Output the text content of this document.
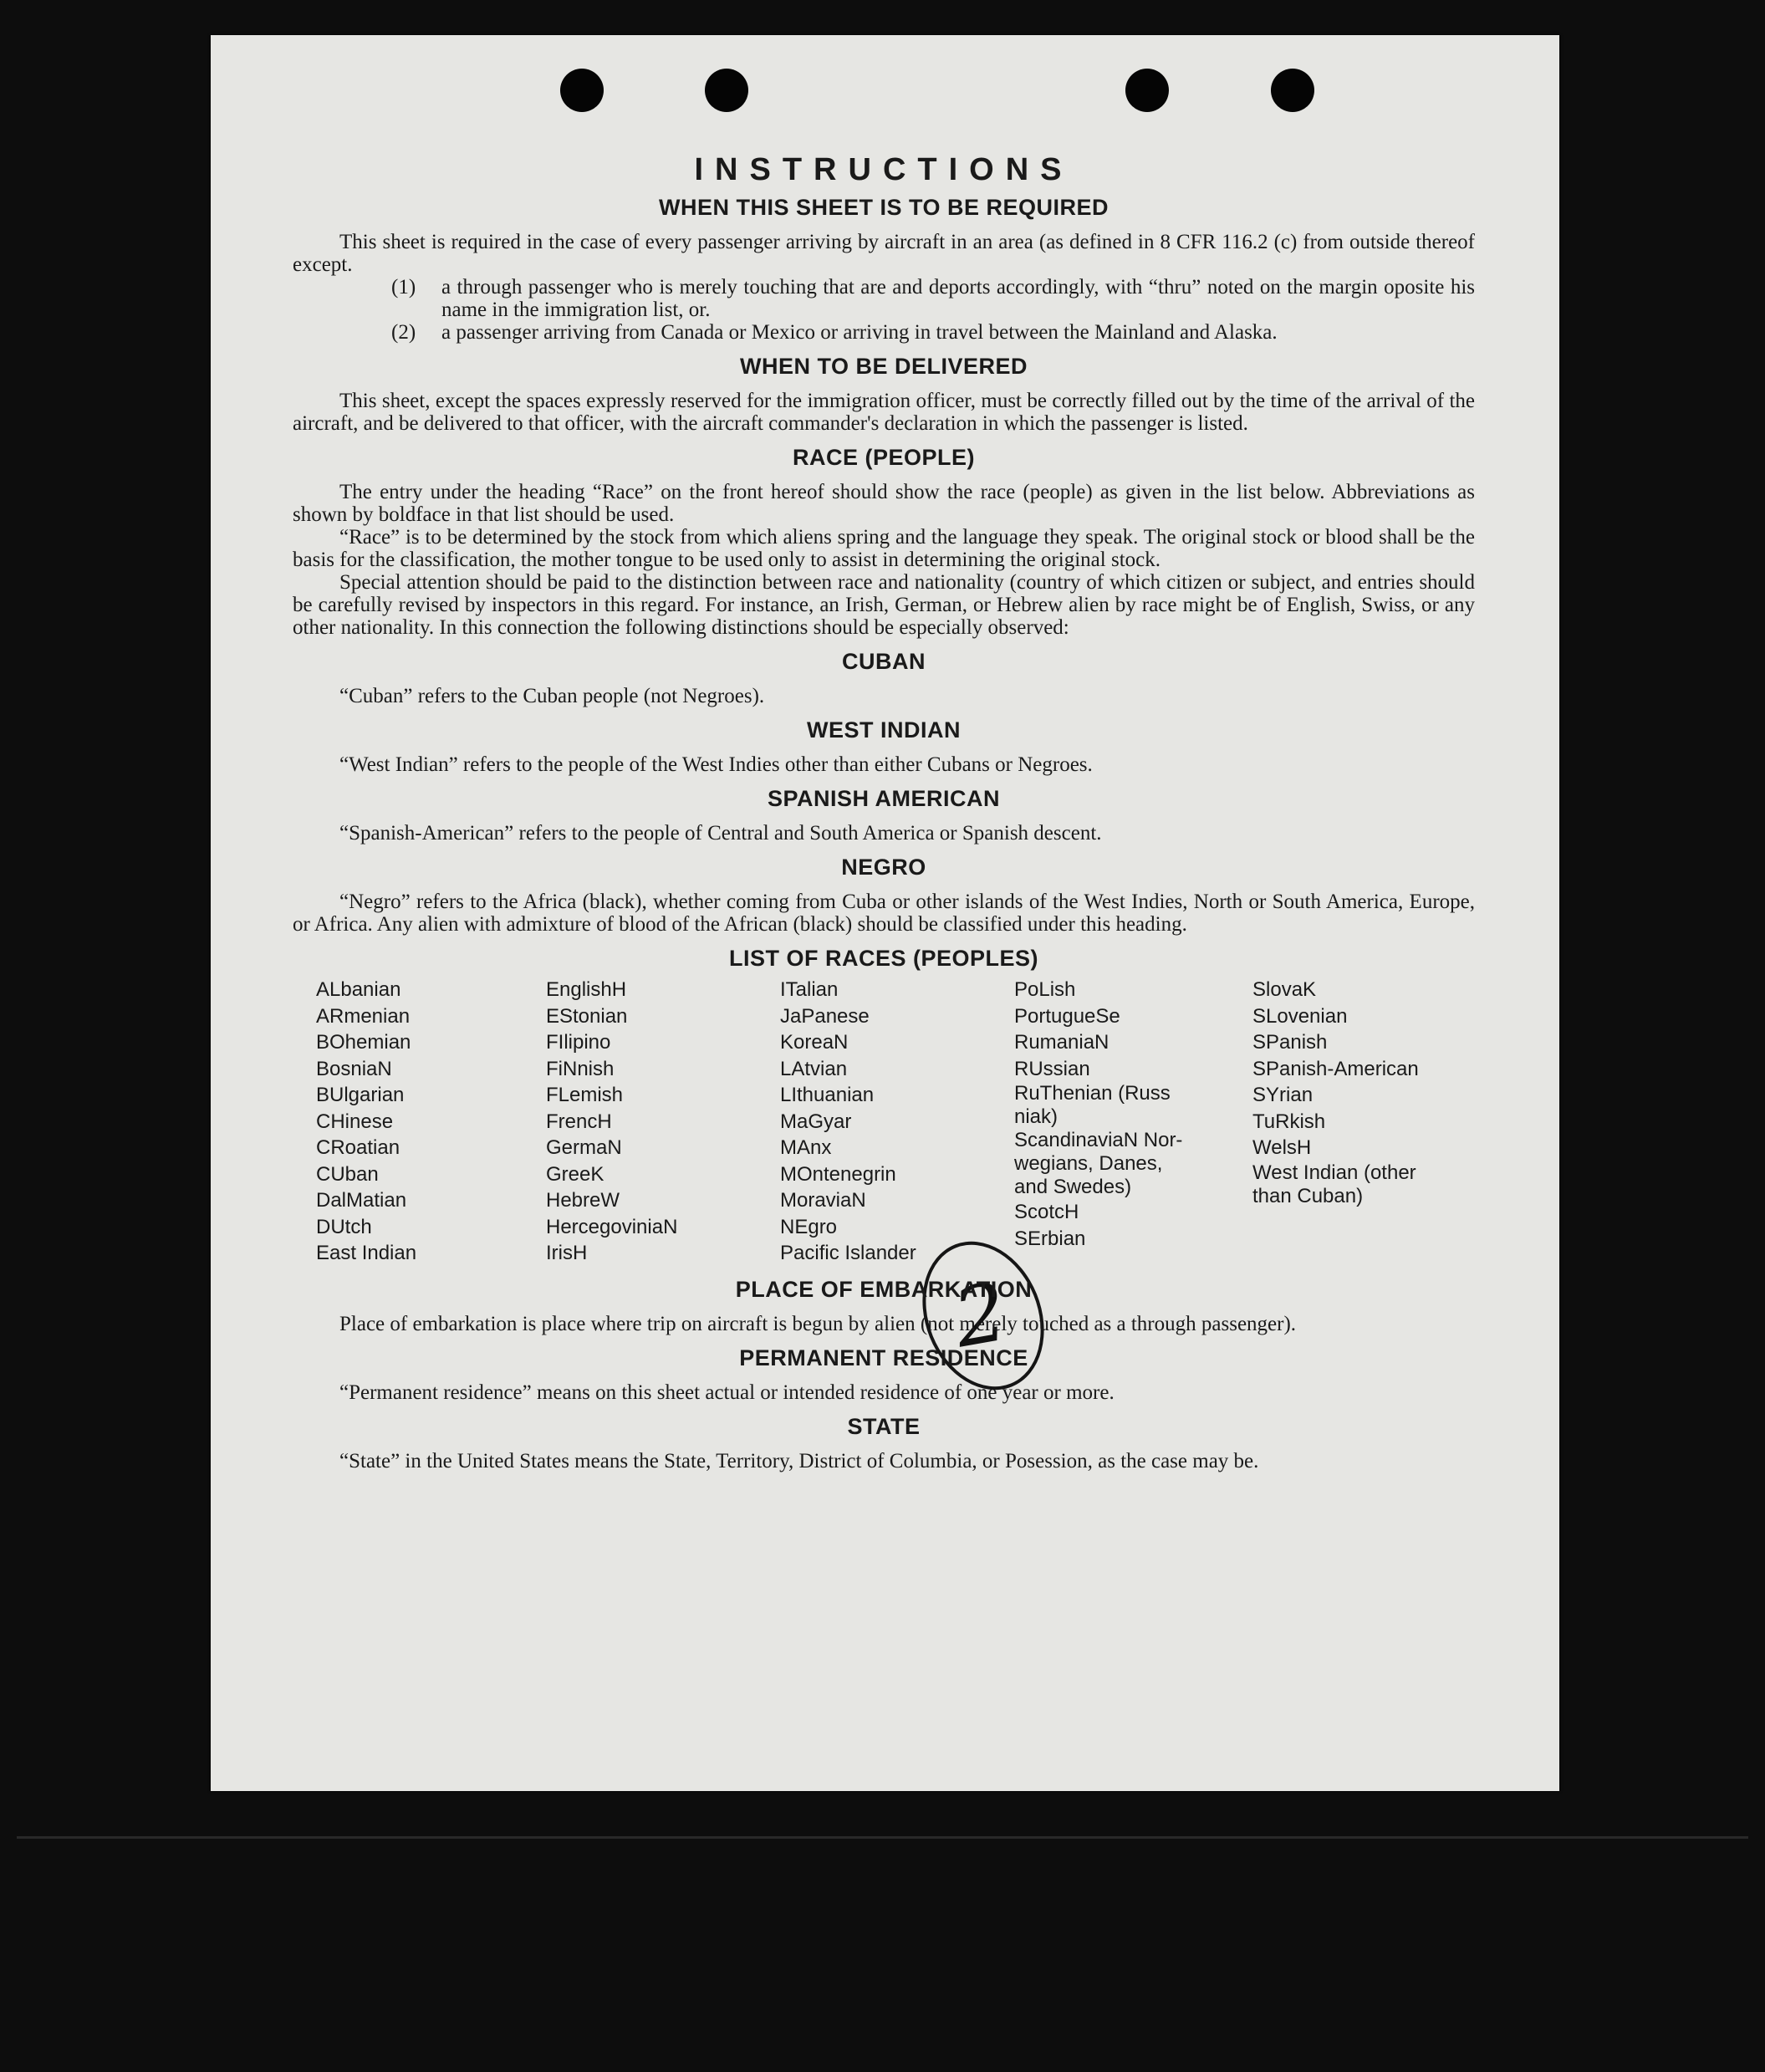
2
INSTRUCTIONS
WHEN THIS SHEET IS TO BE REQUIRED

This sheet is required in the case of every passenger arriving by aircraft in an area (as defined in 8 CFR 116.2 (c) from outside thereof except.

(1)	a through passenger who is merely touching that are and deports accordingly, with “thru” noted on the margin oposite his name in the immigration list, or.
(2)	a passenger arriving from Canada or Mexico or arriving in travel between the Mainland and Alaska.
WHEN TO BE DELIVERED

This sheet, except the spaces expressly reserved for the immigration officer, must be correctly filled out by the time of the arrival of the aircraft, and be delivered to that officer, with the aircraft commander's declaration in which the passenger is listed.

RACE (PEOPLE)

The entry under the heading “Race” on the front hereof should show the race (people) as given in the list below. Abbreviations as shown by boldface in that list should be used.

“Race” is to be determined by the stock from which aliens spring and the language they speak. The original stock or blood shall be the basis for the classification, the mother tongue to be used only to assist in determining the original stock.

Special attention should be paid to the distinction between race and nationality (country of which citizen or subject, and entries should be carefully revised by inspectors in this regard. For instance, an Irish, German, or Hebrew alien by race might be of English, Swiss, or any other nationality. In this connection the following distinctions should be especially observed:

CUBAN

“Cuban” refers to the Cuban people (not Negroes).

WEST INDIAN

“West Indian” refers to the people of the West Indies other than either Cubans or Negroes.

SPANISH AMERICAN

“Spanish-American” refers to the people of Central and South America or Spanish descent.

NEGRO

“Negro” refers to the Africa (black), whether coming from Cuba or other islands of the West Indies, North or South America, Europe, or Africa. Any alien with admixture of blood of the African (black) should be classified under this heading.

LIST OF RACES (PEOPLES)
ALbanian
ARmenian
BOhemian
BosniaN
BUlgarian
CHinese
CRoatian
CUban
DalMatian
DUtch
East Indian
EnglishH
EStonian
FIlipino
FiNnish
FLemish
FrencH
GermaN
GreeK
HebreW
HercegoviniaN
IrisH
ITalian
JaPanese
KoreaN
LAtvian
LIthuanian
MaGyar
MAnx
MOntenegrin
MoraviaN
NEgro
Pacific Islander
PoLish
PortugueSe
RumaniaN
RUssian
RuThenian (Russ
niak)
ScandinaviaN Nor-
wegians, Danes,
and Swedes)
ScotcH
SErbian
SlovaK
SLovenian
SPanish
SPanish-American
SYrian
TuRkish
WelsH
West Indian (other
than Cuban)
PLACE OF EMBARKATION

Place of embarkation is place where trip on aircraft is begun by alien (not merely touched as a through passenger).

PERMANENT RESIDENCE

“Permanent residence” means on this sheet actual or intended residence of one year or more.

STATE

“State” in the United States means the State, Territory, District of Columbia, or Posession, as the case may be.
